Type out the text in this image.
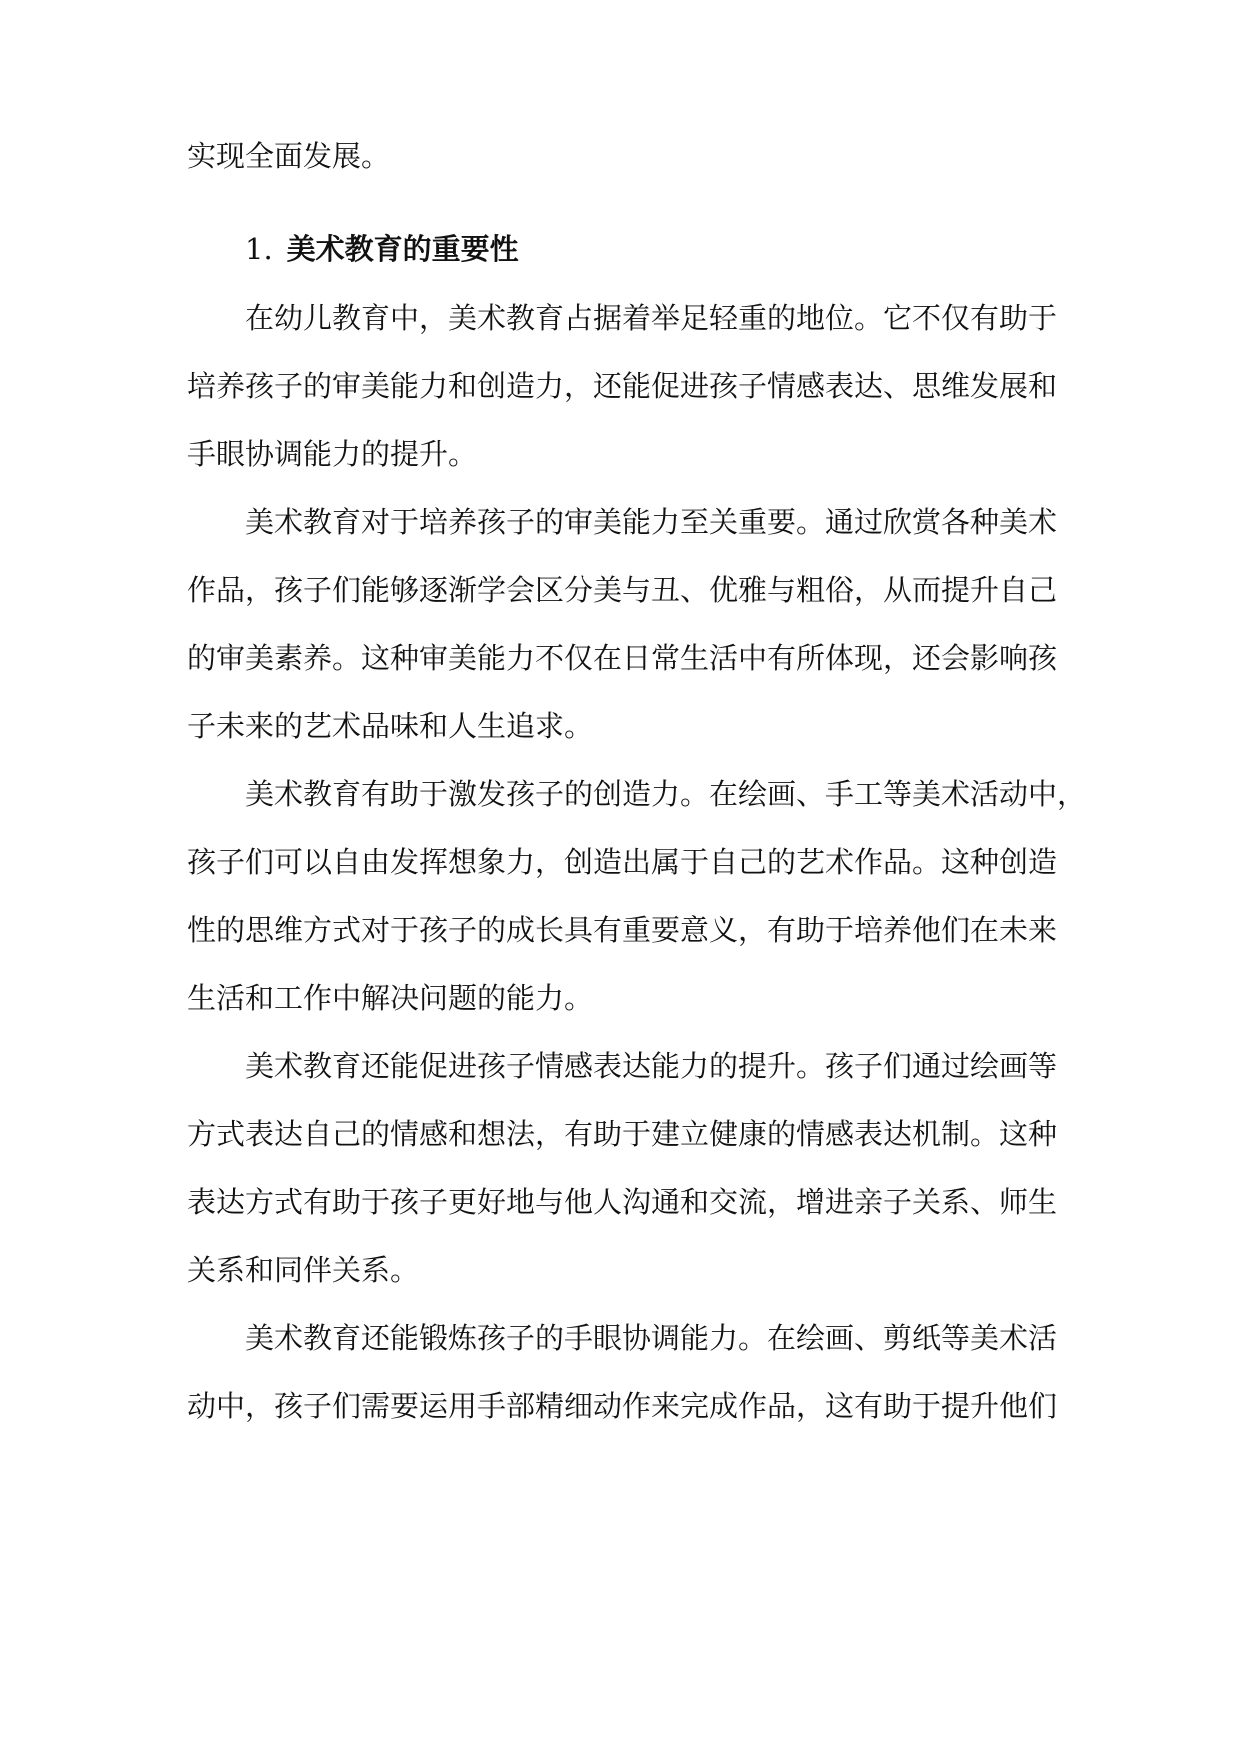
实现全面发展。
1. 美术教育的重要性
在幼儿教育中，美术教育占据着举足轻重的地位。它不仅有助于
培养孩子的审美能力和创造力，还能促进孩子情感表达、思维发展和
手眼协调能力的提升。
美术教育对于培养孩子的审美能力至关重要。通过欣赏各种美术
作品，孩子们能够逐渐学会区分美与丑、优雅与粗俗，从而提升自己
的审美素养。这种审美能力不仅在日常生活中有所体现，还会影响孩
子未来的艺术品味和人生追求。
美术教育有助于激发孩子的创造力。在绘画、手工等美术活动中，
孩子们可以自由发挥想象力，创造出属于自己的艺术作品。这种创造
性的思维方式对于孩子的成长具有重要意义，有助于培养他们在未来
生活和工作中解决问题的能力。
美术教育还能促进孩子情感表达能力的提升。孩子们通过绘画等
方式表达自己的情感和想法，有助于建立健康的情感表达机制。这种
表达方式有助于孩子更好地与他人沟通和交流，增进亲子关系、师生
关系和同伴关系。
美术教育还能锻炼孩子的手眼协调能力。在绘画、剪纸等美术活
动中，孩子们需要运用手部精细动作来完成作品，这有助于提升他们
